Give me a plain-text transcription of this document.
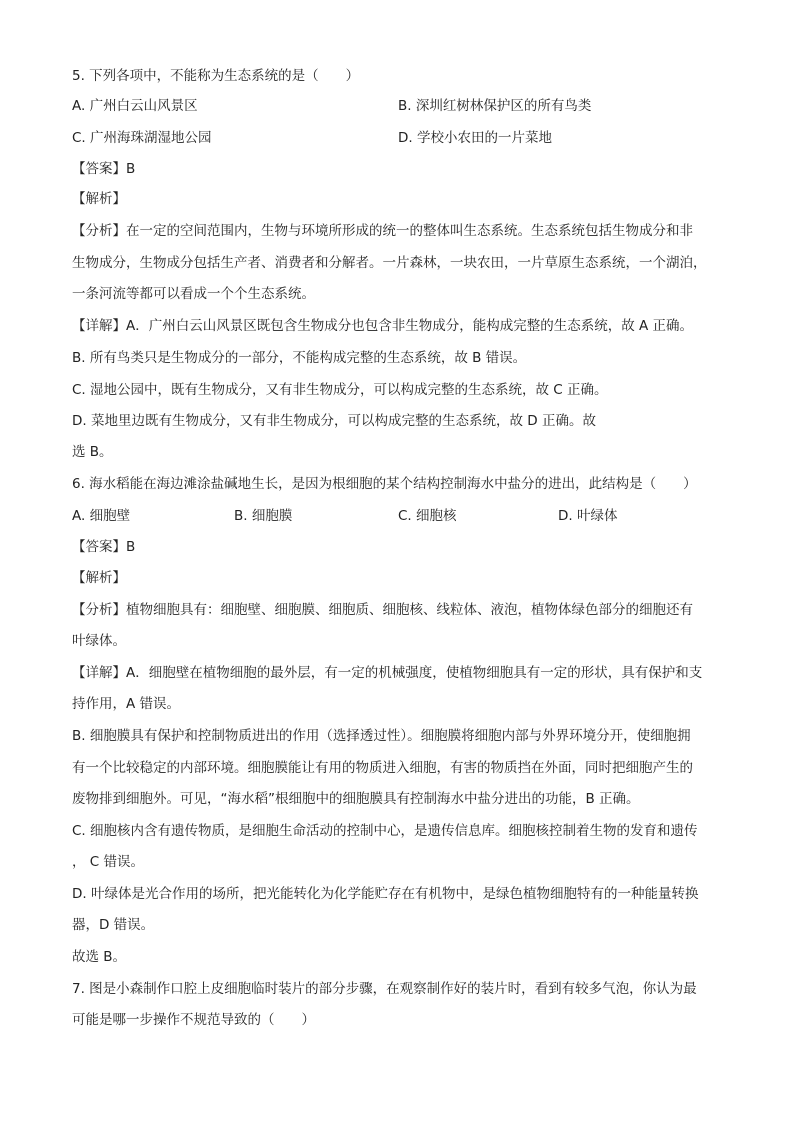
5. 下列各项中，不能称为生态系统的是（　　）
A. 广州白云山风景区	B. 深圳红树林保护区的所有鸟类
C. 广州海珠湖湿地公园	D. 学校小农田的一片菜地
【答案】B
【解析】
【分析】在一定的空间范围内，生物与环境所形成的统一的整体叫生态系统。生态系统包括生物成分和非
生物成分，生物成分包括生产者、消费者和分解者。一片森林，一块农田，一片草原生态系统，一个湖泊，
一条河流等都可以看成一个个生态系统。
【详解】A．广州白云山风景区既包含生物成分也包含非生物成分，能构成完整的生态系统，故 A 正确。
B. 所有鸟类只是生物成分的一部分，不能构成完整的生态系统，故 B 错误。
C. 湿地公园中，既有生物成分，又有非生物成分，可以构成完整的生态系统，故 C 正确。
D. 菜地里边既有生物成分，又有非生物成分，可以构成完整的生态系统，故 D 正确。故
选 B。
6. 海水稻能在海边滩涂盐碱地生长，是因为根细胞的某个结构控制海水中盐分的进出，此结构是（　　）
A. 细胞壁	B. 细胞膜	C. 细胞核	D. 叶绿体
【答案】B
【解析】
【分析】植物细胞具有：细胞壁、细胞膜、细胞质、细胞核、线粒体、液泡，植物体绿色部分的细胞还有
叶绿体。
【详解】A．细胞壁在植物细胞的最外层，有一定的机械强度，使植物细胞具有一定的形状，具有保护和支
持作用，A 错误。
B. 细胞膜具有保护和控制物质进出的作用（选择透过性）。细胞膜将细胞内部与外界环境分开，使细胞拥
有一个比较稳定的内部环境。细胞膜能让有用的物质进入细胞，有害的物质挡在外面，同时把细胞产生的
废物排到细胞外。可见，“海水稻”根细胞中的细胞膜具有控制海水中盐分进出的功能，B 正确。
C. 细胞核内含有遗传物质，是细胞生命活动的控制中心，是遗传信息库。细胞核控制着生物的发育和遗传
， C 错误。
D. 叶绿体是光合作用的场所，把光能转化为化学能贮存在有机物中，是绿色植物细胞特有的一种能量转换
器，D 错误。
故选 B。
7. 图是小森制作口腔上皮细胞临时装片的部分步骤，在观察制作好的装片时，看到有较多气泡，你认为最
可能是哪一步操作不规范导致的（　　）
